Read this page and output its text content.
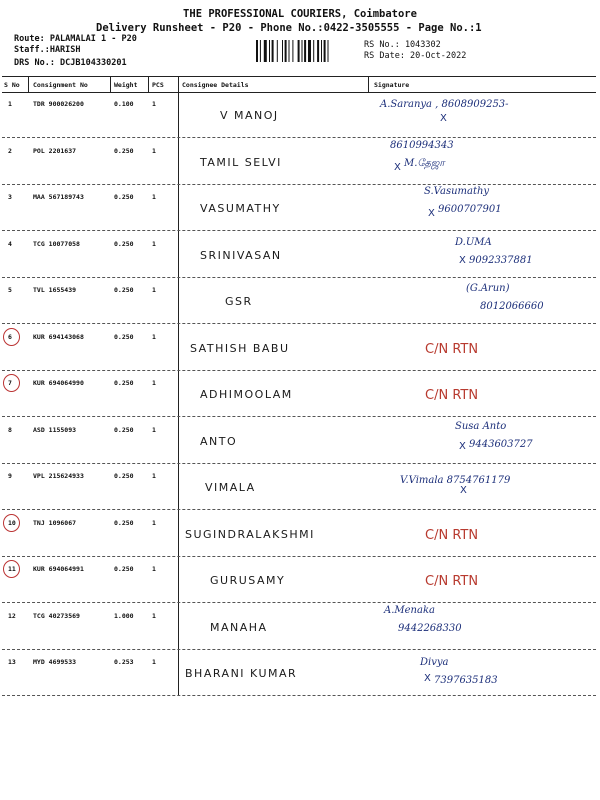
THE PROFESSIONAL COURIERS, Coimbatore
Delivery Runsheet - P20 - Phone No.:0422-3505555 - Page No.:1
Route: PALAMALAI 1 - P20
Staff.:HARISH
DRS No.: DCJB104330201
RS No.: 1043302
RS Date: 20-Oct-2022
S No Consignment No	Weight PCS	Consignee Details	Signature
1	TDR 900026200	0.100	1
V MANOJ
A.Saranya , 8608909253-
X
2	POL 2201637	0.250	1
TAMIL SELVI
8610994343
M.தேஜா
X
3	MAA 567189743	0.250	1
VASUMATHY
S.Vasumathy
9600707901
X
4	TCG 10077058	0.250	1
SRINIVASAN
D.UMA
9092337881
X
5	TVL 1655439	0.250	1
GSR
(G.Arun)
8012066660
6	KUR 694143068	0.250	1
SATHISH BABU	C/N RTN
7	KUR 694064990	0.250	1
ADHIMOOLAM	C/N RTN
8	ASD 1155093	0.250	1
ANTO
Susa Anto
9443603727
X
9	VPL 215624933	0.250	1
VIMALA
V.Vimala 8754761179
X
10	TNJ 1096067	0.250	1
SUGINDRALAKSHMI	C/N RTN
11	KUR 694064991	0.250	1
GURUSAMY	C/N RTN
12	TCG 40273569	1.000	1
MANAHA
A.Menaka
9442268330
13	MYD 4699533	0.253	1
BHARANI KUMAR
Divya
7397635183
X
